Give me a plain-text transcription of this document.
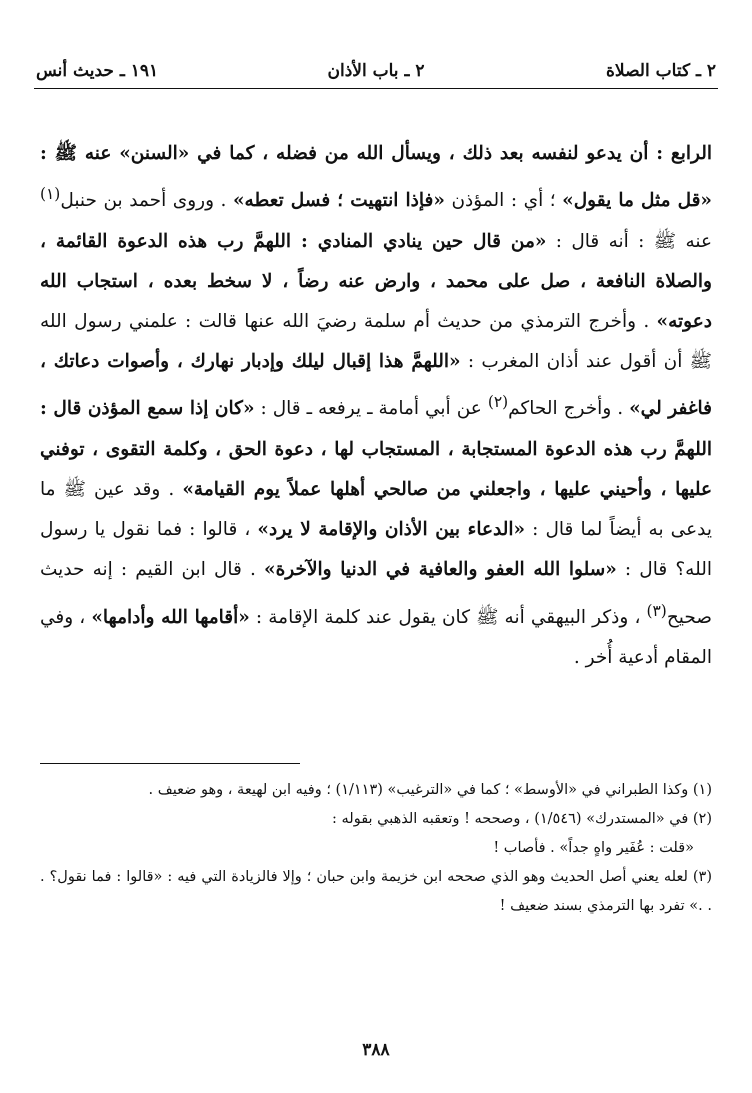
٢ ـ كتاب الصلاة
٢ ـ باب الأذان
١٩١ ـ حديث أنس

الرابع : أن يدعو لنفسه بعد ذلك ، ويسأل الله من فضله ، كما في «السنن» عنه ﷺ : «قل مثل ما يقول» ؛ أي : المؤذن «فإذا انتهيت ؛ فسل تعطه» . وروى أحمد بن حنبل$^{(١)}$ عنه ﷺ : أنه قال : «من قال حين ينادي المنادي : اللهمَّ رب هذه الدعوة القائمة ، والصلاة النافعة ، صل على محمد ، وارض عنه رضاً ، لا سخط بعده ، استجاب الله دعوته» . وأخرج الترمذي من حديث أم سلمة رضيَ الله عنها قالت : علمني رسول الله ﷺ أن أقول عند أذان المغرب : «اللهمَّ هذا إقبال ليلك وإدبار نهارك ، وأصوات دعاتك ، فاغفر لي» . وأخرج الحاكم$^{(٢)}$ عن أبي أمامة ـ يرفعه ـ قال : «كان إذا سمع المؤذن قال : اللهمَّ رب هذه الدعوة المستجابة ، المستجاب لها ، دعوة الحق ، وكلمة التقوى ، توفني عليها ، وأحيني عليها ، واجعلني من صالحي أهلها عملاً يوم القيامة» . وقد عين ﷺ ما يدعى به أيضاً لما قال : «الدعاء بين الأذان والإقامة لا يرد» ، قالوا : فما نقول يا رسول الله؟ قال : «سلوا الله العفو والعافية في الدنيا والآخرة» . قال ابن القيم : إنه حديث صحيح$^{(٣)}$ ، وذكر البيهقي أنه ﷺ كان يقول عند كلمة الإقامة : «أقامها الله وأدامها» ، وفي المقام أدعية أُخر .

(١) وكذا الطبراني في «الأوسط» ؛ كما في «الترغيب» (١/١١٣) ؛ وفيه ابن لهيعة ، وهو ضعيف .
(٢) في «المستدرك» (١/٥٤٦) ، وصححه ! وتعقبه الذهبي بقوله :
«قلت : عُفَير واهٍ جداً» . فأصاب !
(٣) لعله يعني أصل الحديث وهو الذي صححه ابن خزيمة وابن حبان ؛ وإلا فالزيادة التي فيه : «قالوا : فما نقول؟ . . .» تفرد بها الترمذي بسند ضعيف !
٣٨٨
